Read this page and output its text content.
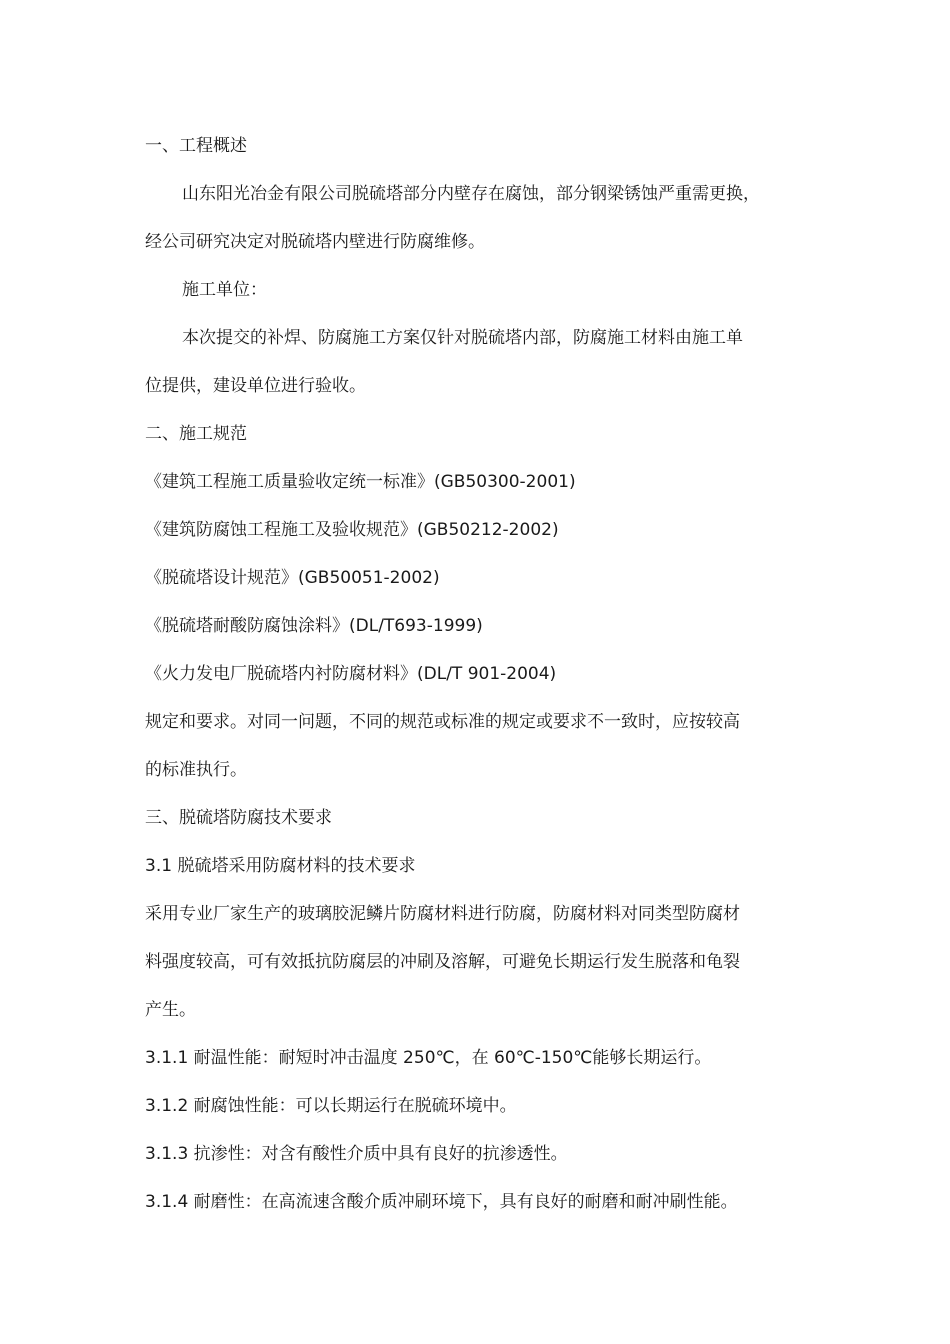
一、工程概述
山东阳光冶金有限公司脱硫塔部分内壁存在腐蚀，部分钢梁锈蚀严重需更换，
经公司研究决定对脱硫塔内壁进行防腐维修。
施工单位：
本次提交的补焊、防腐施工方案仅针对脱硫塔内部，防腐施工材料由施工单
位提供，建设单位进行验收。
二、施工规范
《建筑工程施工质量验收定统一标准》(GB50300-2001)
《建筑防腐蚀工程施工及验收规范》(GB50212-2002)
《脱硫塔设计规范》(GB50051-2002)
《脱硫塔耐酸防腐蚀涂料》(DL/T693-1999)
《火力发电厂脱硫塔内衬防腐材料》(DL/T 901-2004)
规定和要求。对同一问题，不同的规范或标准的规定或要求不一致时，应按较高
的标准执行。
三、脱硫塔防腐技术要求
3.1 脱硫塔采用防腐材料的技术要求
采用专业厂家生产的玻璃胶泥鳞片防腐材料进行防腐，防腐材料对同类型防腐材
料强度较高，可有效抵抗防腐层的冲刷及溶解，可避免长期运行发生脱落和龟裂
产生。
3.1.1 耐温性能：耐短时冲击温度 250℃，在 60℃-150℃能够长期运行。
3.1.2 耐腐蚀性能：可以长期运行在脱硫环境中。
3.1.3 抗渗性：对含有酸性介质中具有良好的抗渗透性。
3.1.4 耐磨性：在高流速含酸介质冲刷环境下，具有良好的耐磨和耐冲刷性能。
